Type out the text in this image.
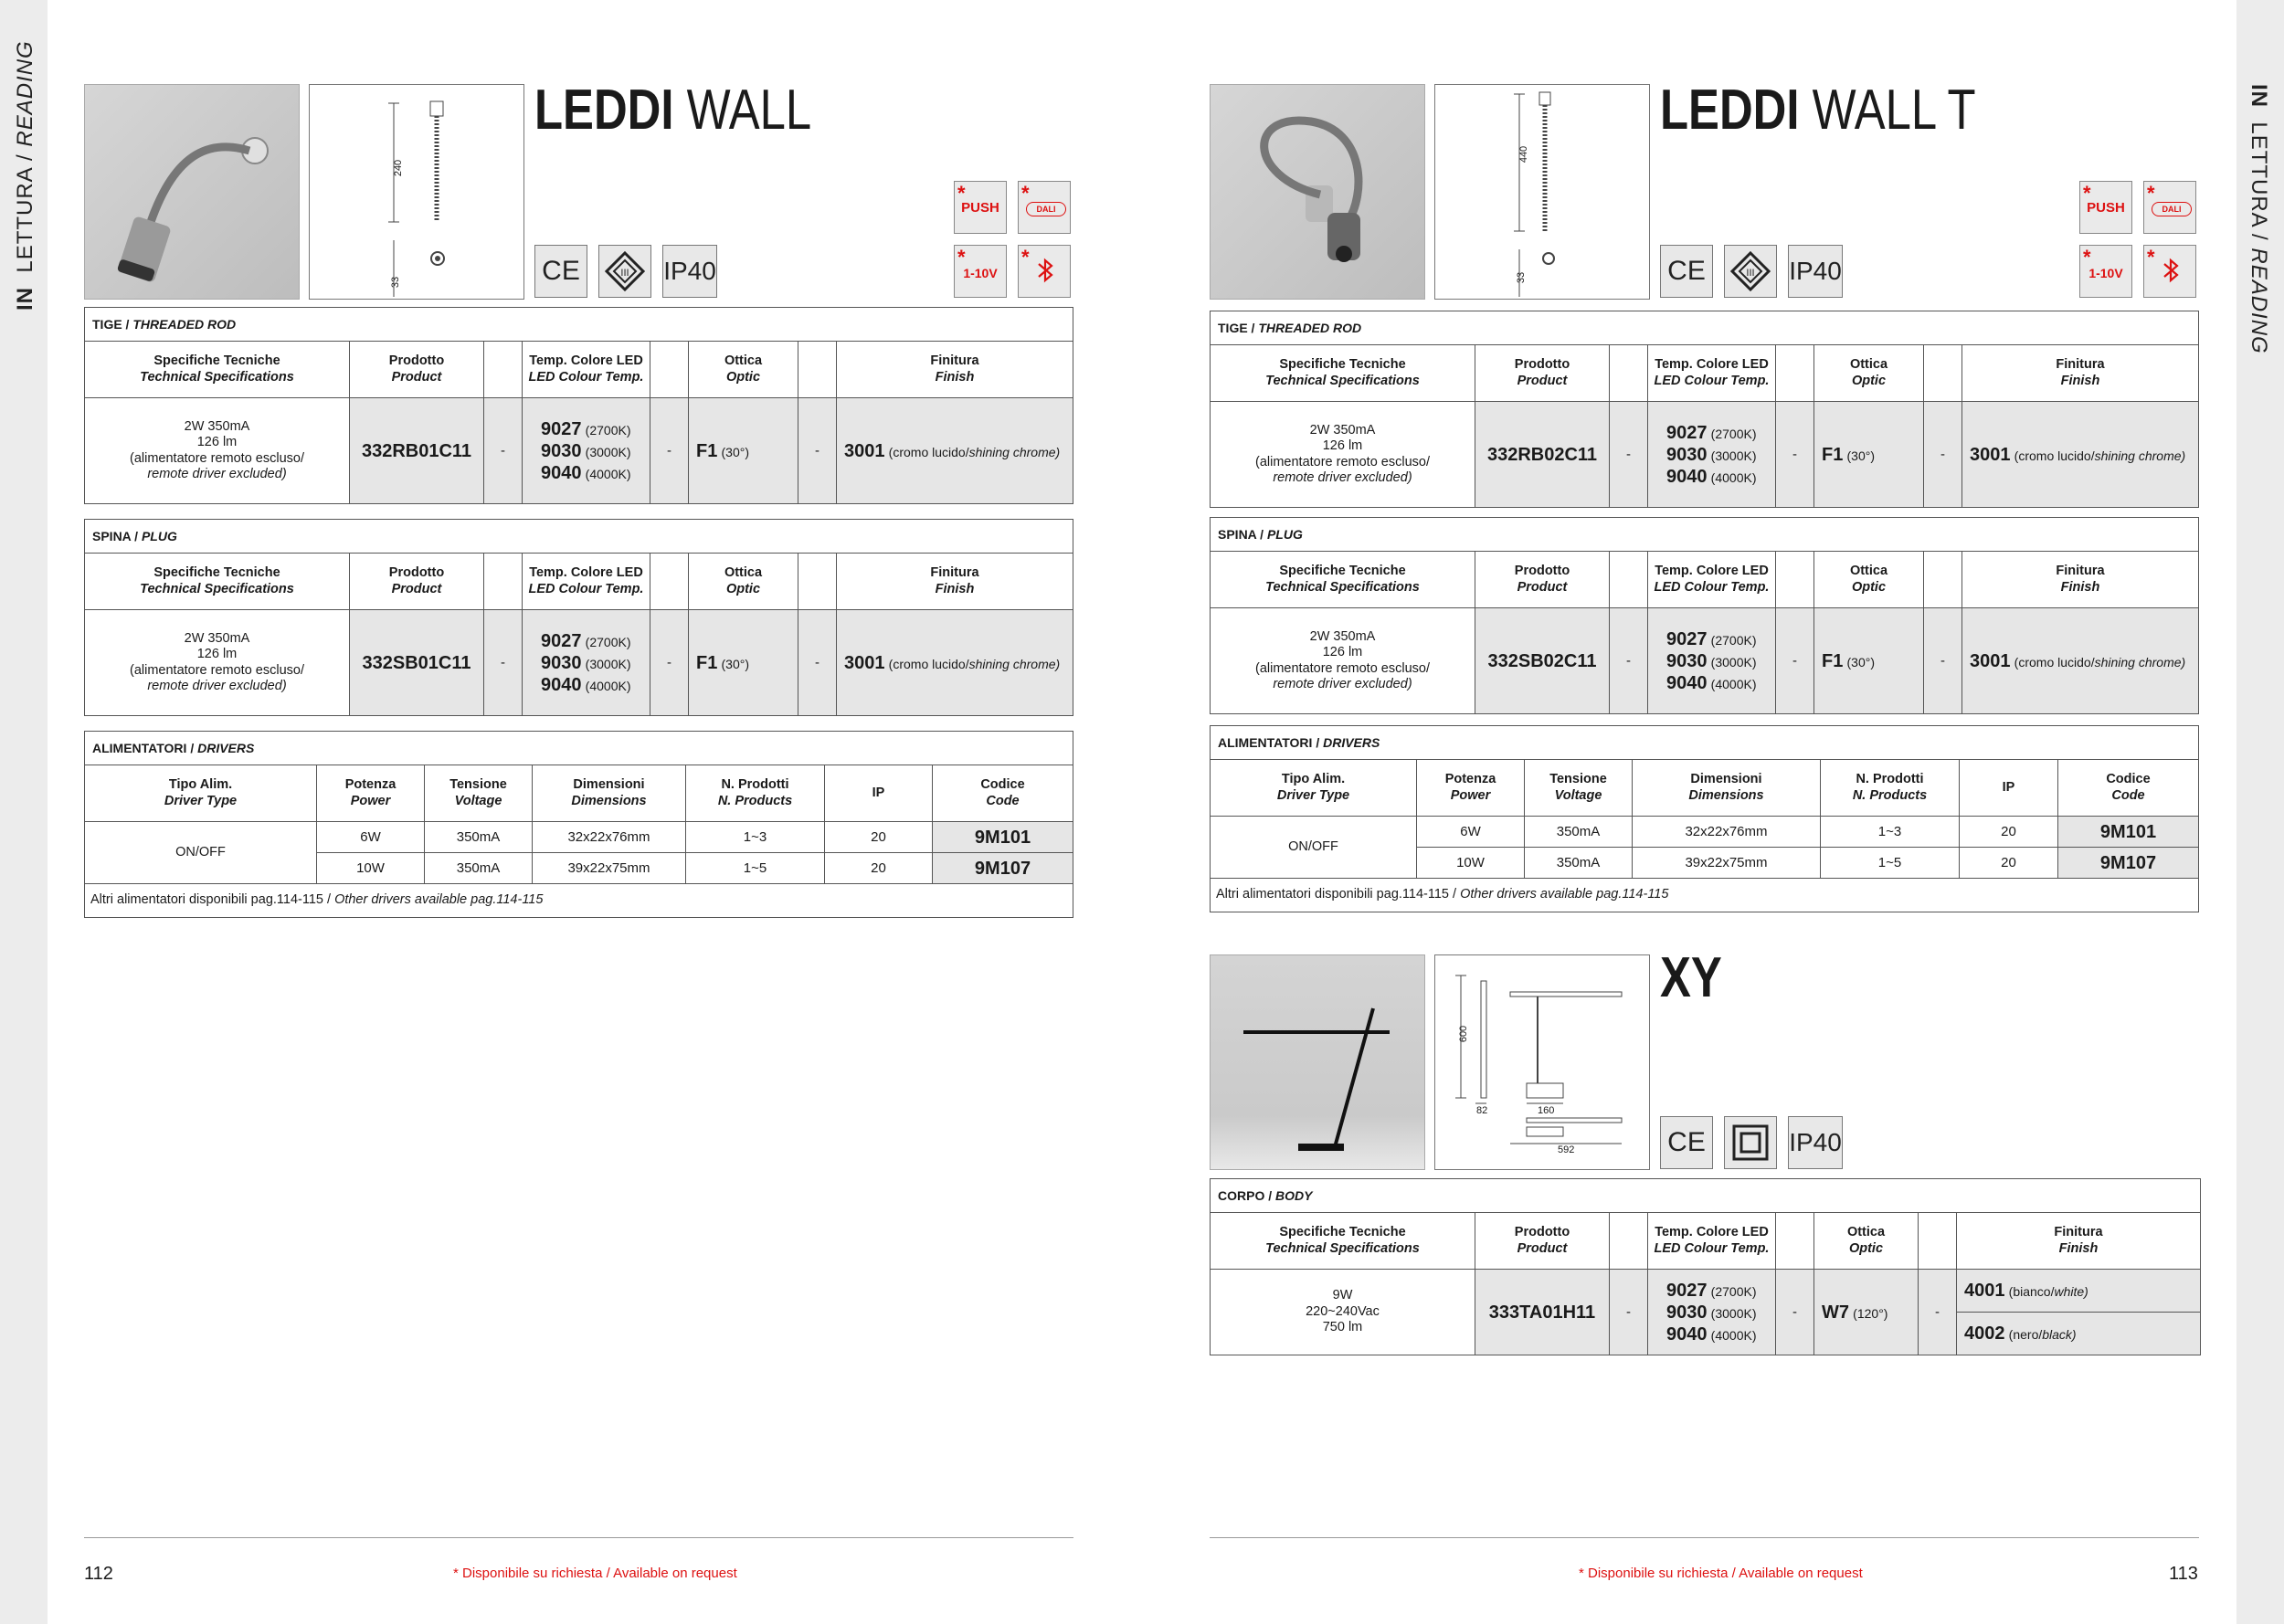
IN  LETTURA / READING	IN  LETTURA / READING
240
33
LEDDI WALL
CE	III IP40
*
PUSH
*
DALI
*
1-10V
*
TIGE / THREADED ROD							
Specifiche Tecniche
Technical Specifications	Prodotto
Product		Temp. Colore LED
LED Colour Temp.		Ottica
Optic		Finitura
Finish
2W 350mA
126 lm
(alimentatore remoto escluso/
remote driver excluded)	332RB01C11	-	9027 (2700K)
9030 (3000K)
9040 (4000K)	-	F1 (30°)	-	3001 (cromo lucido/shining chrome)
SPINA / PLUG							
Specifiche Tecniche
Technical Specifications	Prodotto
Product		Temp. Colore LED
LED Colour Temp.		Ottica
Optic		Finitura
Finish
2W 350mA
126 lm
(alimentatore remoto escluso/
remote driver excluded)	332SB01C11	-	9027 (2700K)
9030 (3000K)
9040 (4000K)	-	F1 (30°)	-	3001 (cromo lucido/shining chrome)
ALIMENTATORI / DRIVERS						
Tipo Alim.
Driver Type	Potenza
Power	Tensione
Voltage	Dimensioni
Dimensions	N. Prodotti
N. Products	IP	Codice
Code
ON/OFF	6W	350mA	32x22x76mm	1~3	20	9M101
	10W	350mA	39x22x75mm	1~5	20	9M107
Altri alimentatori disponibili pag.114-115 / Other drivers available pag.114-115						
440
33
LEDDI WALL T
CE	III IP40
*
PUSH
*
DALI
*
1-10V
*
TIGE / THREADED ROD							
Specifiche Tecniche
Technical Specifications	Prodotto
Product		Temp. Colore LED
LED Colour Temp.		Ottica
Optic		Finitura
Finish
2W 350mA
126 lm
(alimentatore remoto escluso/
remote driver excluded)	332RB02C11	-	9027 (2700K)
9030 (3000K)
9040 (4000K)	-	F1 (30°)	-	3001 (cromo lucido/shining chrome)
SPINA / PLUG							
Specifiche Tecniche
Technical Specifications	Prodotto
Product		Temp. Colore LED
LED Colour Temp.		Ottica
Optic		Finitura
Finish
2W 350mA
126 lm
(alimentatore remoto escluso/
remote driver excluded)	332SB02C11	-	9027 (2700K)
9030 (3000K)
9040 (4000K)	-	F1 (30°)	-	3001 (cromo lucido/shining chrome)
ALIMENTATORI / DRIVERS						
Tipo Alim.
Driver Type	Potenza
Power	Tensione
Voltage	Dimensioni
Dimensions	N. Prodotti
N. Products	IP	Codice
Code
ON/OFF	6W	350mA	32x22x76mm	1~3	20	9M101
	10W	350mA	39x22x75mm	1~5	20	9M107
Altri alimentatori disponibili pag.114-115 / Other drivers available pag.114-115						
600
82	160
592
XY
CE	IP40
CORPO / BODY							
Specifiche Tecniche
Technical Specifications	Prodotto
Product		Temp. Colore LED
LED Colour Temp.		Ottica
Optic		Finitura
Finish
9W
220~240Vac
750 lm	333TA01H11	-	9027 (2700K)
9030 (3000K)
9040 (4000K)	-	W7 (120°)	-	4001 (bianco/white)
							4002 (nero/black)
112	113
* Disponibile su richiesta / Available on request	* Disponibile su richiesta / Available on request
